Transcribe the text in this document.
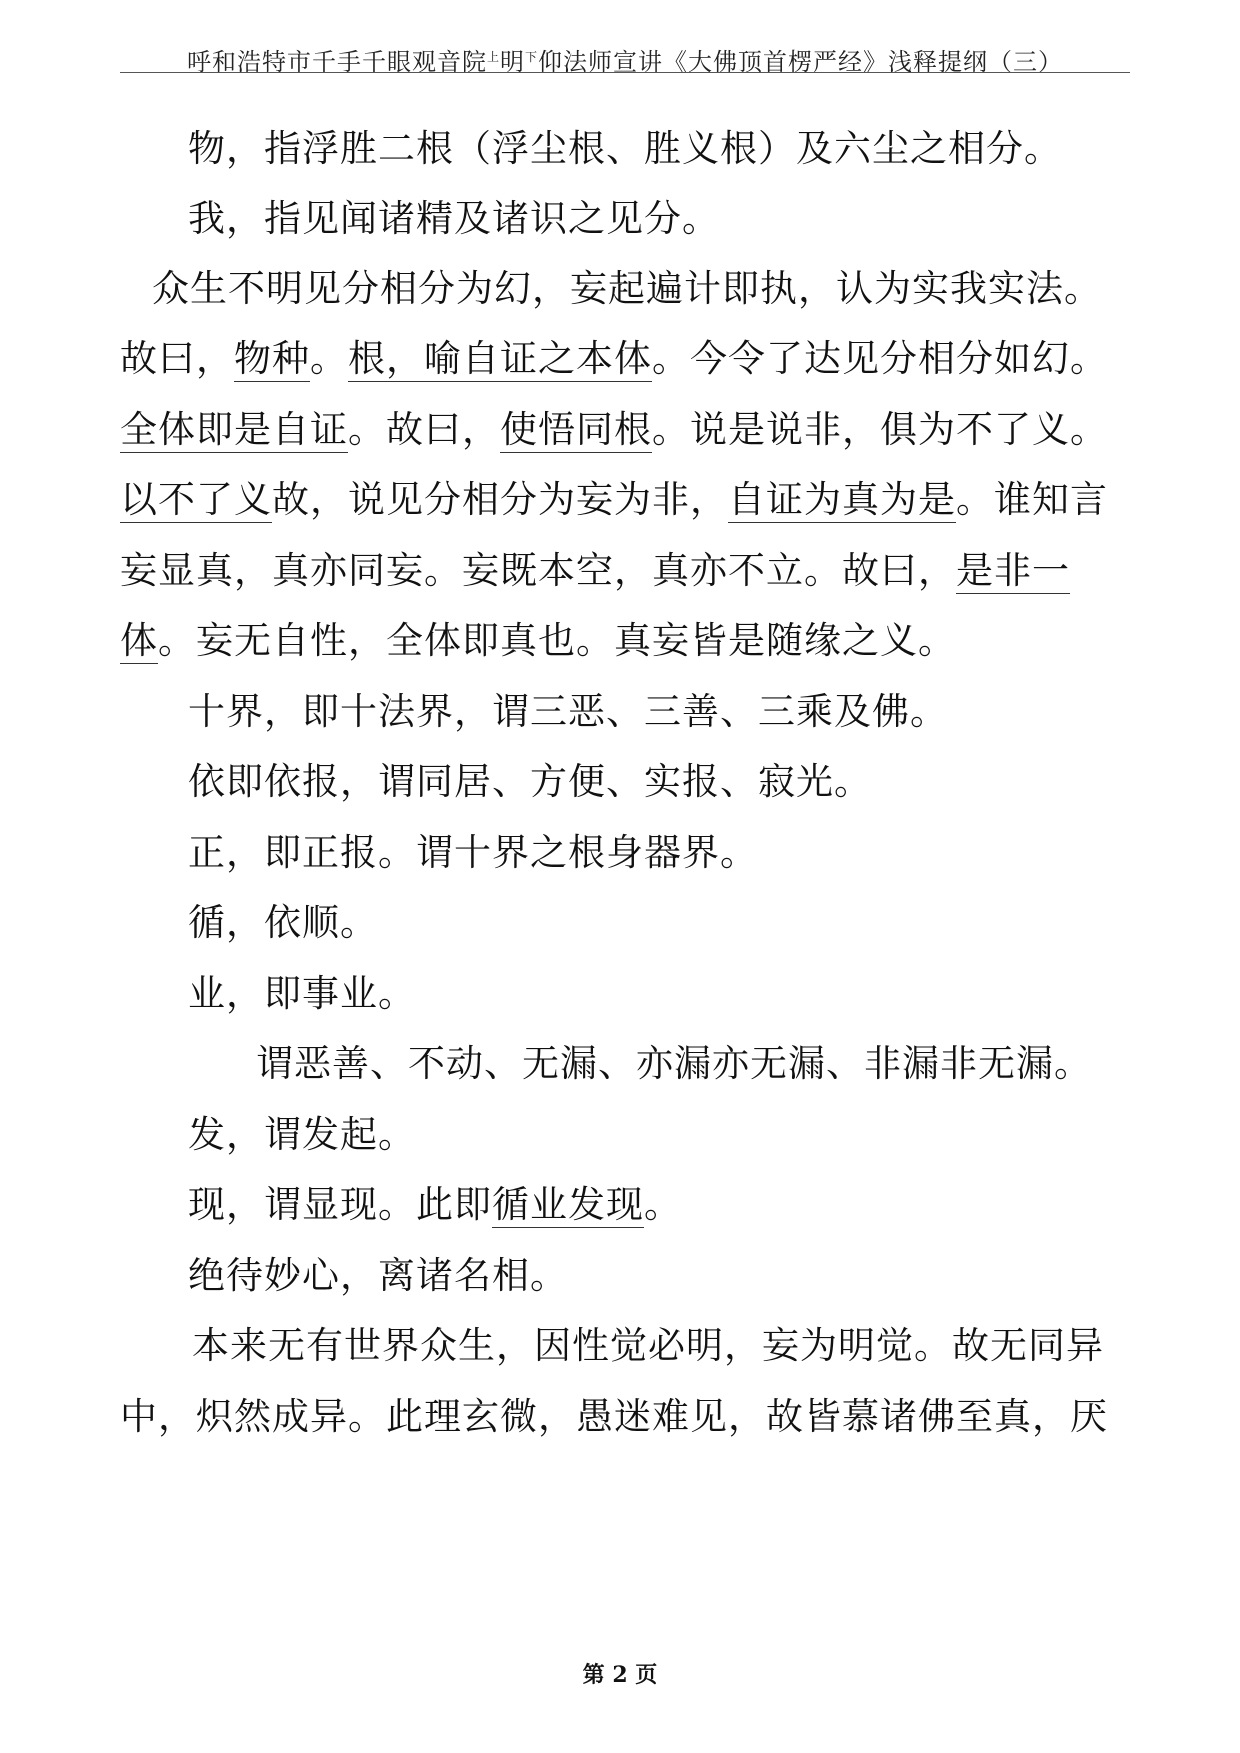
呼和浩特市千手千眼观音院$^上$明$^下$仰法师宣讲《大佛顶首楞严经》浅释提纲（三）
物，指浮胜二根（浮尘根、胜义根）及六尘之相分。
我，指见闻诸精及诸识之见分。
众生不明见分相分为幻，妄起遍计即执，认为实我实法。
故曰，物种。根，喻自证之本体。今令了达见分相分如幻。
全体即是自证。故曰，使悟同根。说是说非，俱为不了义。
以不了义故，说见分相分为妄为非，自证为真为是。谁知言
妄显真，真亦同妄。妄既本空，真亦不立。故曰，是非一
体。妄无自性，全体即真也。真妄皆是随缘之义。
十界，即十法界，谓三恶、三善、三乘及佛。
依即依报，谓同居、方便、实报、寂光。
正，即正报。谓十界之根身器界。
循，依顺。
业，即事业。
谓恶善、不动、无漏、亦漏亦无漏、非漏非无漏。
发，谓发起。
现，谓显现。此即循业发现。
绝待妙心，离诸名相。
本来无有世界众生，因性觉必明，妄为明觉。故无同异
中，炽然成异。此理玄微，愚迷难见，故皆慕诸佛至真，厌
第 2 页
